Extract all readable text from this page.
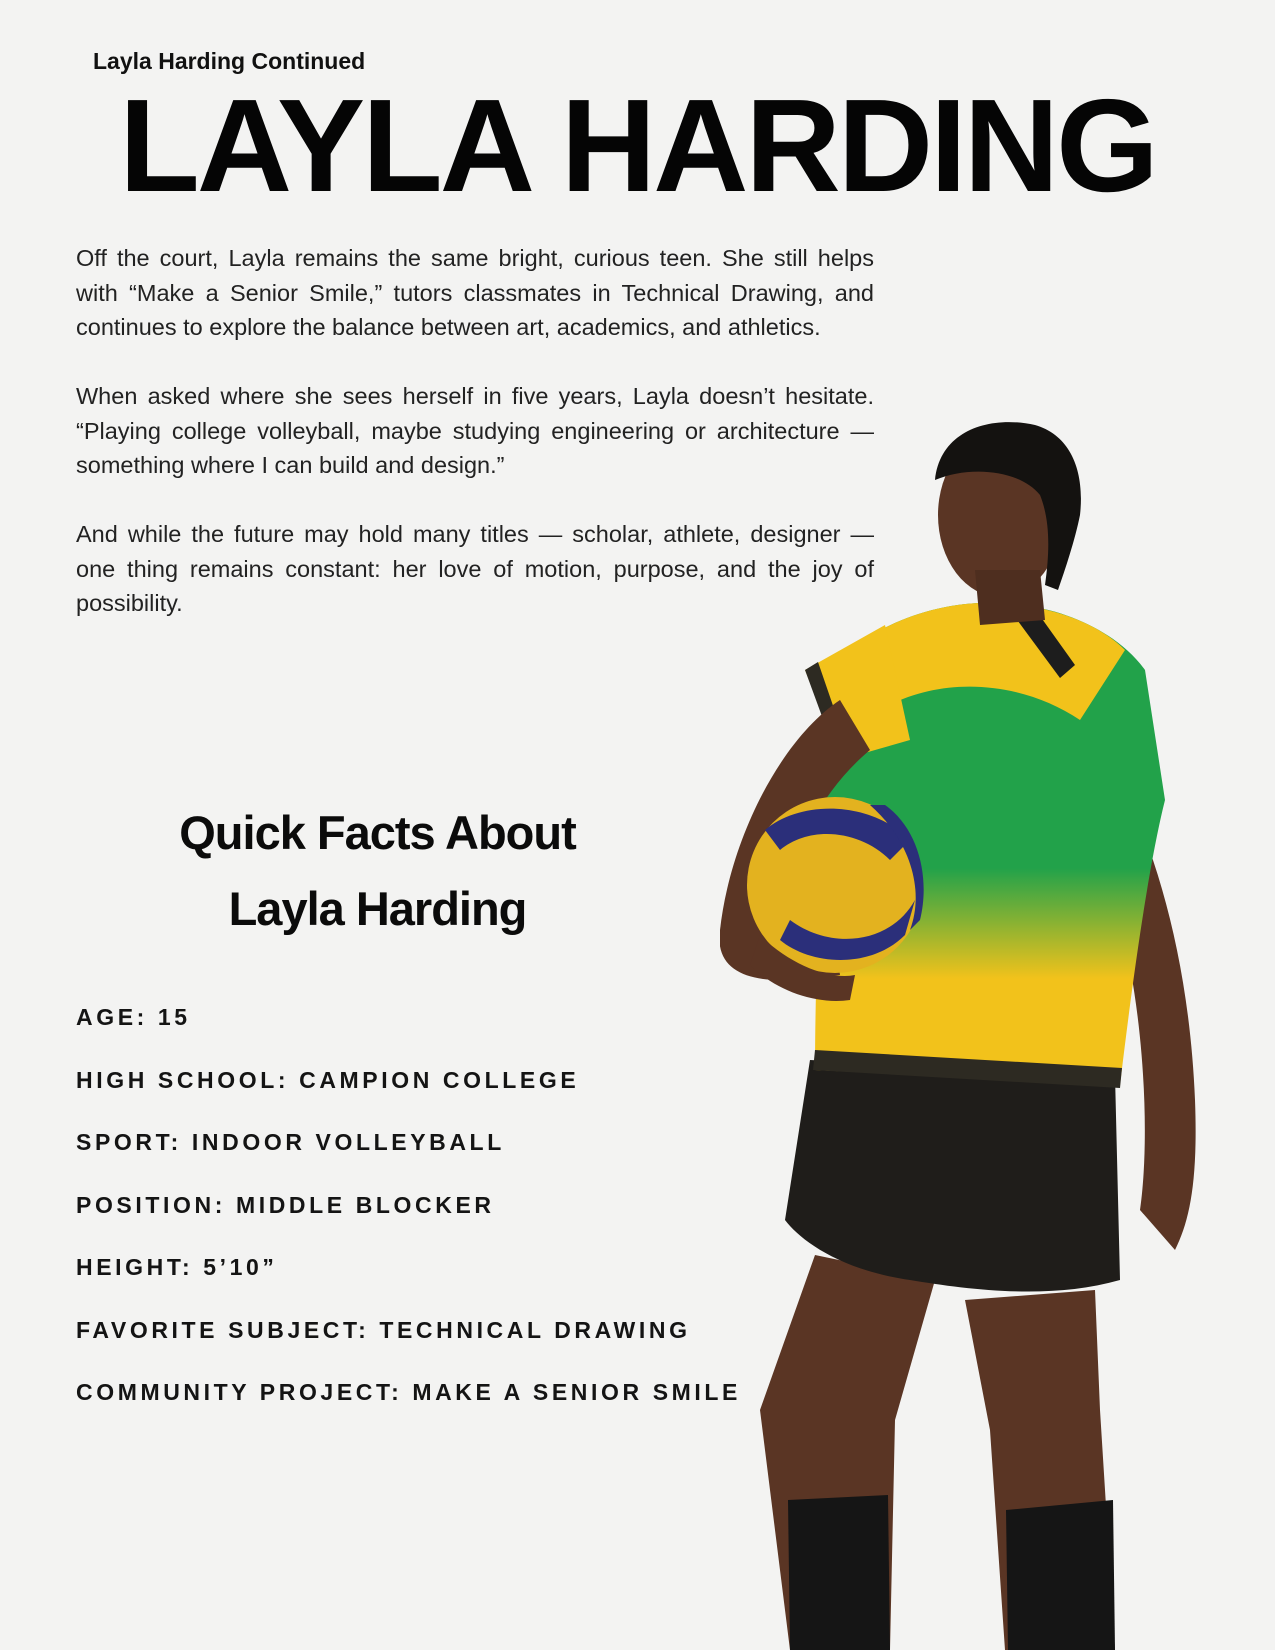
Layla Harding Continued
LAYLA HARDING

Off the court, Layla remains the same bright, curious teen. She still helps with “Make a Senior Smile,” tutors classmates in Technical Drawing, and continues to explore the balance between art, academics, and athletics.

When asked where she sees herself in five years, Layla doesn’t hesitate. “Playing college volleyball, maybe studying engineering or architecture — something where I can build and design.”

And while the future may hold many titles — scholar, athlete, designer — one thing remains constant: her love of motion, purpose, and the joy of possibility.

Quick Facts About
Layla Harding
AGE: 15
HIGH SCHOOL: CAMPION COLLEGE
SPORT: INDOOR VOLLEYBALL
POSITION: MIDDLE BLOCKER
HEIGHT: 5’10”
FAVORITE SUBJECT: TECHNICAL DRAWING
COMMUNITY PROJECT: MAKE A SENIOR SMILE
